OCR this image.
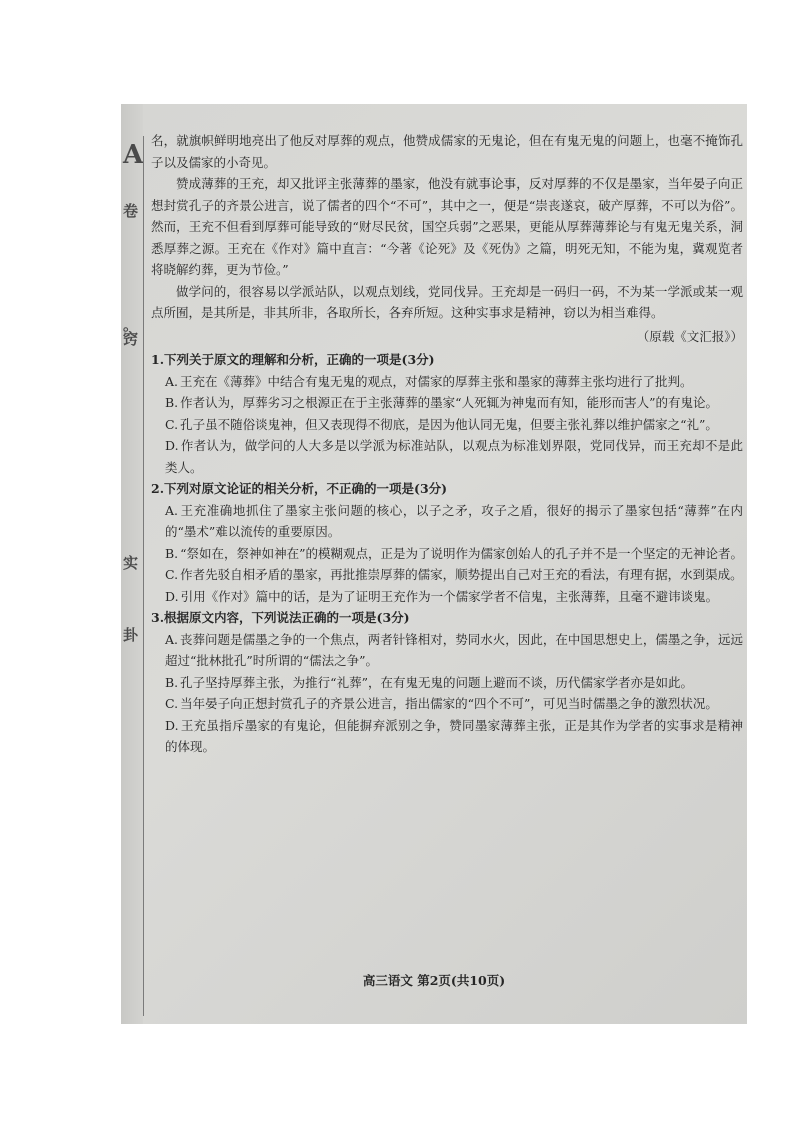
A
卷
。
窍
实
卦

名，就旗帜鲜明地亮出了他反对厚葬的观点，他赞成儒家的无鬼论，但在有鬼无鬼的问题上，也毫不掩饰孔子以及儒家的小奇见。

赞成薄葬的王充，却又批评主张薄葬的墨家，他没有就事论事，反对厚葬的不仅是墨家，当年晏子向正想封赏孔子的齐景公进言，说了儒者的四个“不可”，其中之一，便是“崇丧遂哀，破产厚葬，不可以为俗”。然而，王充不但看到厚葬可能导致的“财尽民贫，国空兵弱”之恶果，更能从厚葬薄葬论与有鬼无鬼关系，洞悉厚葬之源。王充在《作对》篇中直言：“今著《论死》及《死伪》之篇，明死无知，不能为鬼，冀观览者将晓解约葬，更为节俭。”

做学问的，很容易以学派站队，以观点划线，党同伐异。王充却是一码归一码，不为某一学派或某一观点所囿，是其所是，非其所非，各取所长，各弃所短。这种实事求是精神，窃以为相当难得。

（原载《文汇报》）

1.下列关于原文的理解和分析，正确的一项是(3分)

A. 王充在《薄葬》中结合有鬼无鬼的观点，对儒家的厚葬主张和墨家的薄葬主张均进行了批判。

B. 作者认为，厚葬劣习之根源正在于主张薄葬的墨家“人死辄为神鬼而有知，能形而害人”的有鬼论。

C. 孔子虽不随俗谈鬼神，但又表现得不彻底，是因为他认同无鬼，但要主张礼葬以维护儒家之“礼”。

D. 作者认为，做学问的人大多是以学派为标准站队，以观点为标准划界限，党同伐异，而王充却不是此类人。

2.下列对原文论证的相关分析，不正确的一项是(3分)

A. 王充准确地抓住了墨家主张问题的核心，以子之矛，攻子之盾，很好的揭示了墨家包括“薄葬”在内的“墨术”难以流传的重要原因。

B. “祭如在，祭神如神在”的模糊观点，正是为了说明作为儒家创始人的孔子并不是一个坚定的无神论者。

C. 作者先驳自相矛盾的墨家，再批推崇厚葬的儒家，顺势提出自己对王充的看法，有理有据，水到渠成。

D. 引用《作对》篇中的话，是为了证明王充作为一个儒家学者不信鬼，主张薄葬，且毫不避讳谈鬼。

3.根据原文内容，下列说法正确的一项是(3分)

A. 丧葬问题是儒墨之争的一个焦点，两者针锋相对，势同水火，因此，在中国思想史上，儒墨之争，远远超过“批林批孔”时所谓的“儒法之争”。

B. 孔子坚持厚葬主张，为推行“礼葬”，在有鬼无鬼的问题上避而不谈，历代儒家学者亦是如此。

C. 当年晏子向正想封赏孔子的齐景公进言，指出儒家的“四个不可”，可见当时儒墨之争的激烈状况。

D. 王充虽指斥墨家的有鬼论，但能摒弃派别之争，赞同墨家薄葬主张，正是其作为学者的实事求是精神的体现。

高三语文 第2页(共10页)
